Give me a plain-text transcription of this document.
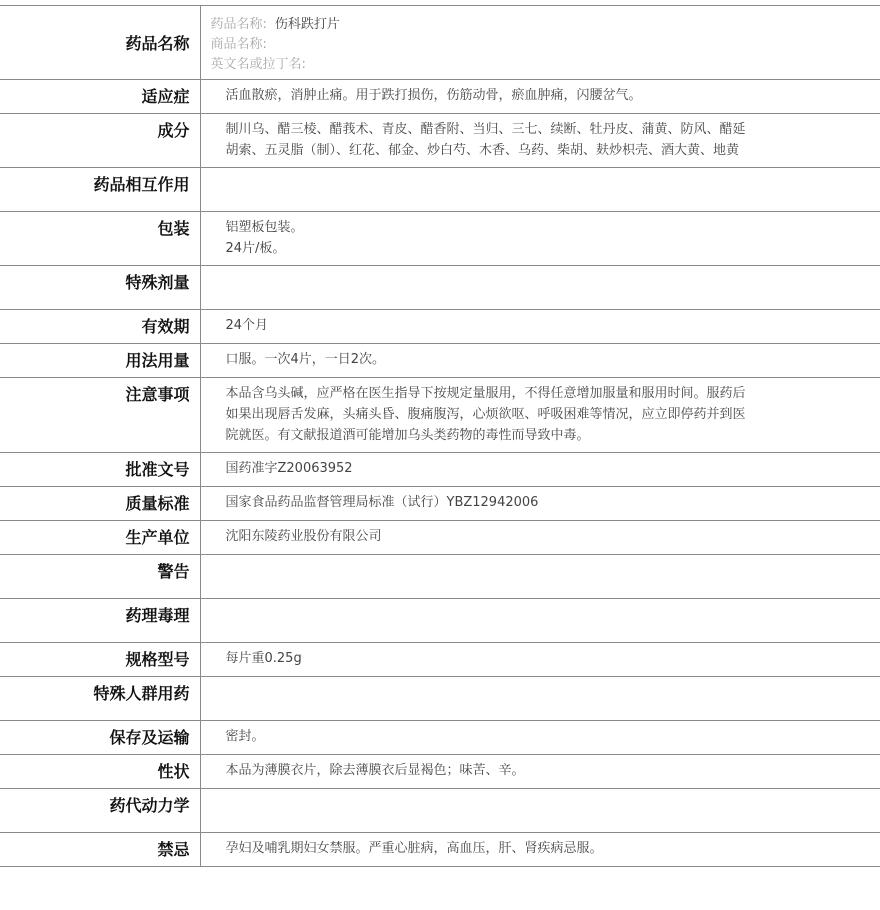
药品名称	药品名称: 伤科跌打片
商品名称:
英文名或拉丁名:

适应症	活血散瘀，消肿止痛。用于跌打损伤，伤筋动骨，瘀血肿痛，闪腰岔气。

成分	制川乌、醋三棱、醋莪术、青皮、醋香附、当归、三七、续断、牡丹皮、蒲黄、防风、醋延
胡索、五灵脂（制）、红花、郁金、炒白芍、木香、乌药、柴胡、麸炒枳壳、酒大黄、地黄

药品相互作用	
包装	铝塑板包装。
24片/板。

特殊剂量	
有效期	24个月

用法用量	口服。一次4片，一日2次。

注意事项	本品含乌头碱，应严格在医生指导下按规定量服用，不得任意增加服量和服用时间。服药后
如果出现唇舌发麻，头痛头昏、腹痛腹泻，心烦欲呕、呼吸困难等情况，应立即停药并到医
院就医。有文献报道酒可能增加乌头类药物的毒性而导致中毒。

批准文号	国药准字Z20063952

质量标准	国家食品药品监督管理局标准（试行）YBZ12942006

生产单位	沈阳东陵药业股份有限公司

警告	
药理毒理	
规格型号	每片重0.25g

特殊人群用药	
保存及运输	密封。

性状	本品为薄膜衣片，除去薄膜衣后显褐色；味苦、辛。

药代动力学	
禁忌	孕妇及哺乳期妇女禁服。严重心脏病，高血压，肝、肾疾病忌服。
